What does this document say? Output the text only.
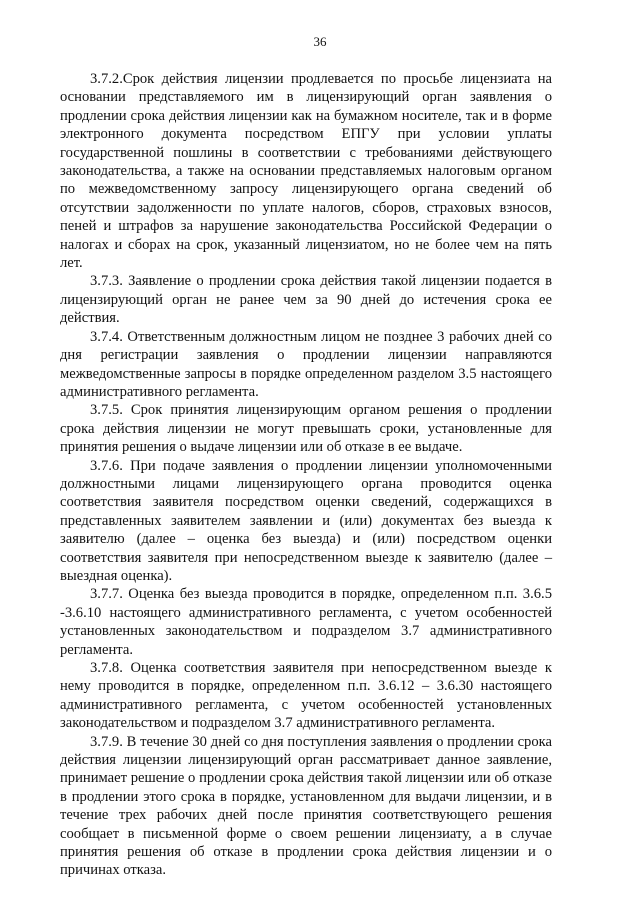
36

3.7.2.Срок действия лицензии продлевается по просьбе лицензиата на основании представляемого им в лицензирующий орган заявления о продлении срока действия лицензии как на бумажном носителе, так и в форме электронного документа посредством ЕПГУ при условии уплаты государственной пошлины в соответствии с требованиями действующего законодательства, а также на основании представляемых налоговым органом по межведомственному запросу лицензирующего органа сведений об отсутствии задолженности по уплате налогов, сборов, страховых взносов, пеней и штрафов за нарушение законодательства Российской Федерации о налогах и сборах на срок, указанный лицензиатом, но не более чем на пять лет.

3.7.3. Заявление о продлении срока действия такой лицензии подается в лицензирующий орган не ранее чем за 90 дней до истечения срока ее действия.

3.7.4. Ответственным должностным лицом не позднее 3 рабочих дней со дня регистрации заявления о продлении лицензии направляются межведомственные запросы в порядке определенном разделом 3.5 настоящего административного регламента.

3.7.5. Срок принятия лицензирующим органом решения о продлении срока действия лицензии не могут превышать сроки, установленные для принятия решения о выдаче лицензии или об отказе в ее выдаче.

3.7.6. При подаче заявления о продлении лицензии уполномоченными должностными лицами лицензирующего органа проводится оценка соответствия заявителя посредством оценки сведений, содержащихся в представленных заявителем заявлении и (или) документах без выезда к заявителю (далее – оценка без выезда) и (или) посредством оценки соответствия заявителя при непосредственном выезде к заявителю (далее – выездная оценка).

3.7.7. Оценка без выезда проводится в порядке, определенном п.п. 3.6.5 -3.6.10 настоящего административного регламента, с учетом особенностей установленных законодательством и подразделом 3.7 административного регламента.

3.7.8. Оценка соответствия заявителя при непосредственном выезде к нему проводится в порядке, определенном п.п. 3.6.12 – 3.6.30 настоящего административного регламента, с учетом особенностей установленных законодательством и подразделом 3.7 административного регламента.

3.7.9. В течение 30 дней со дня поступления заявления о продлении срока действия лицензии лицензирующий орган рассматривает данное заявление, принимает решение о продлении срока действия такой лицензии или об отказе в продлении этого срока в порядке, установленном для выдачи лицензии, и в течение трех рабочих дней после принятия соответствующего решения сообщает в письменной форме о своем решении лицензиату, а в случае принятия решения об отказе в продлении срока действия лицензии и о причинах отказа.
